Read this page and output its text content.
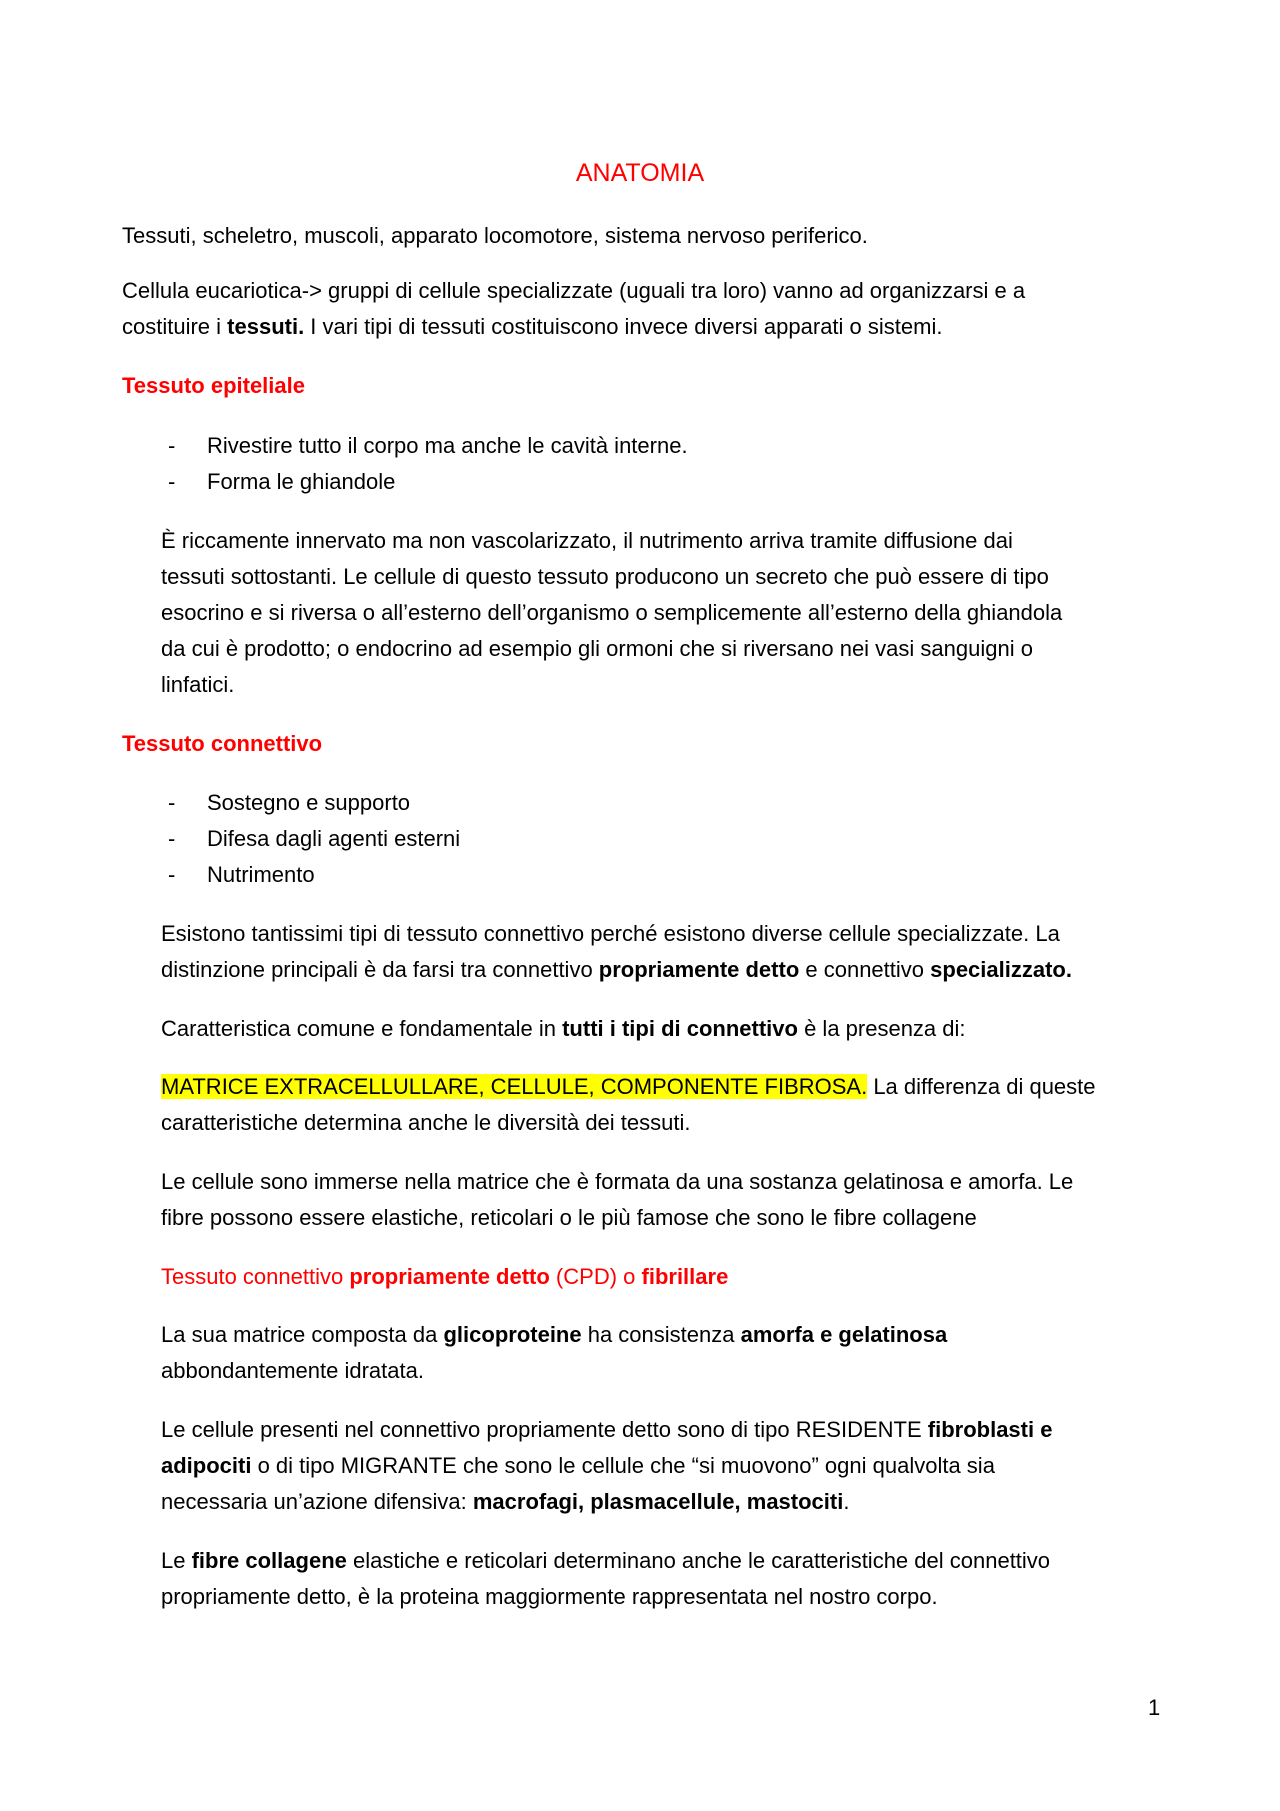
ANATOMIA
Tessuti, scheletro, muscoli, apparato locomotore, sistema nervoso periferico.
Cellula eucariotica-> gruppi di cellule specializzate (uguali tra loro) vanno ad organizzarsi e a
costituire i tessuti. I vari tipi di tessuti costituiscono invece diversi apparati o sistemi.
Tessuto epiteliale
- Rivestire tutto il corpo ma anche le cavità interne.
- Forma le ghiandole
È riccamente innervato ma non vascolarizzato, il nutrimento arriva tramite diffusione dai
tessuti sottostanti. Le cellule di questo tessuto producono un secreto che può essere di tipo
esocrino e si riversa o all’esterno dell’organismo o semplicemente all’esterno della ghiandola
da cui è prodotto; o endocrino ad esempio gli ormoni che si riversano nei vasi sanguigni o
linfatici.
Tessuto connettivo
- Sostegno e supporto
- Difesa dagli agenti esterni
- Nutrimento
Esistono tantissimi tipi di tessuto connettivo perché esistono diverse cellule specializzate. La
distinzione principali è da farsi tra connettivo propriamente detto e connettivo specializzato.
Caratteristica comune e fondamentale in tutti i tipi di connettivo è la presenza di:
MATRICE EXTRACELLULLARE, CELLULE, COMPONENTE FIBROSA. La differenza di queste
caratteristiche determina anche le diversità dei tessuti.
Le cellule sono immerse nella matrice che è formata da una sostanza gelatinosa e amorfa. Le
fibre possono essere elastiche, reticolari o le più famose che sono le fibre collagene
Tessuto connettivo propriamente detto (CPD) o fibrillare
La sua matrice composta da glicoproteine ha consistenza amorfa e gelatinosa
abbondantemente idratata.
Le cellule presenti nel connettivo propriamente detto sono di tipo RESIDENTE fibroblasti e
adipociti o di tipo MIGRANTE che sono le cellule che “si muovono” ogni qualvolta sia
necessaria un’azione difensiva: macrofagi, plasmacellule, mastociti.
Le fibre collagene elastiche e reticolari determinano anche le caratteristiche del connettivo
propriamente detto, è la proteina maggiormente rappresentata nel nostro corpo.
1
